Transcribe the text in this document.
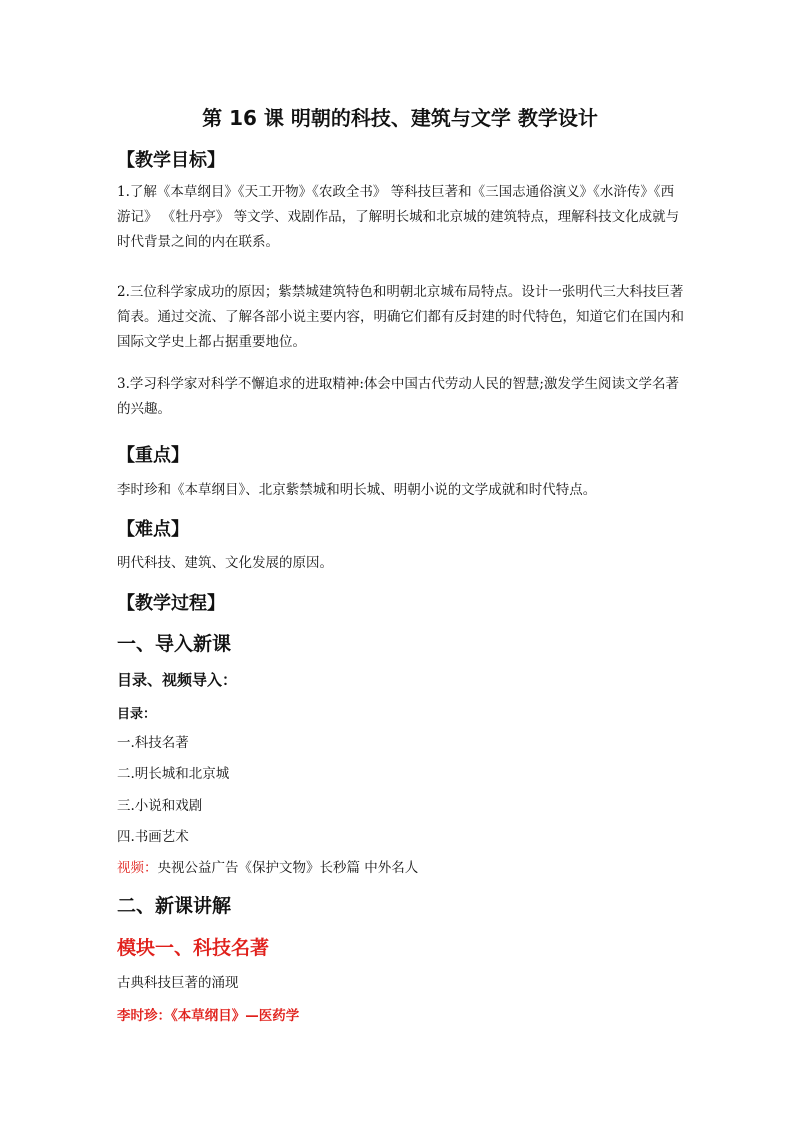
第 16 课 明朝的科技、建筑与文学 教学设计
【教学目标】

1.了解《本草纲目》《天工开物》《农政全书》 等科技巨著和《三国志通俗演义》《水浒传》《西游记》 《牡丹亭》 等文学、戏剧作品，了解明长城和北京城的建筑特点，理解科技文化成就与时代背景之间的内在联系。

2.三位科学家成功的原因；紫禁城建筑特色和明朝北京城布局特点。设计一张明代三大科技巨著简表。通过交流、了解各部小说主要内容，明确它们都有反封建的时代特色，知道它们在国内和国际文学史上都占据重要地位。

3.学习科学家对科学不懈追求的进取精神:体会中国古代劳动人民的智慧;激发学生阅读文学名著的兴趣。

【重点】

李时珍和《本草纲目》、北京紫禁城和明长城、明朝小说的文学成就和时代特点。

【难点】

明代科技、建筑、文化发展的原因。

【教学过程】
一、导入新课
目录、视频导入：
目录：

一.科技名著

二.明长城和北京城

三.小说和戏剧

四.书画艺术

视频：央视公益广告《保护文物》长秒篇 中外名人

二、新课讲解
模块一、科技名著

古典科技巨著的涌现

李时珍：《本草纲目》—医药学
